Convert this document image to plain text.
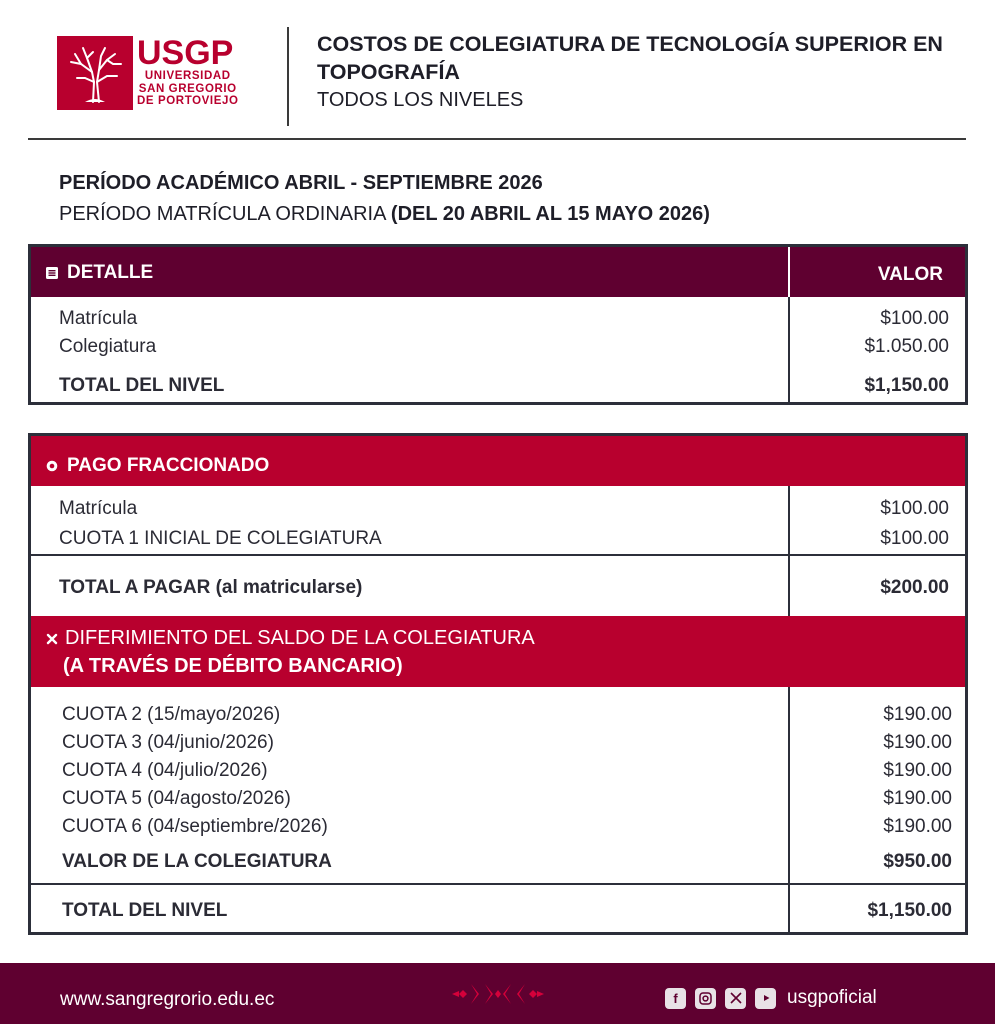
USGP
UNIVERSIDAD
SAN GREGORIO
DE PORTOVIEJO
COSTOS DE COLEGIATURA DE TECNOLOGÍA SUPERIOR EN TOPOGRAFÍA
TODOS LOS NIVELES
PERÍODO ACADÉMICO ABRIL - SEPTIEMBRE 2026
PERÍODO MATRÍCULA ORDINARIA (DEL 20 ABRIL AL 15 MAYO 2026)
DETALLE	VALOR
Matrícula	$100.00
Colegiatura	$1.050.00
TOTAL DEL NIVEL	$1,150.00
PAGO FRACCIONADO
Matrícula	$100.00
CUOTA 1 INICIAL DE COLEGIATURA	$100.00
TOTAL A PAGAR (al matricularse)	$200.00
DIFERIMIENTO DEL SALDO DE LA COLEGIATURA
(A TRAVÉS DE DÉBITO BANCARIO)
CUOTA 2 (15/mayo/2026)	$190.00
CUOTA 3 (04/junio/2026)	$190.00
CUOTA 4 (04/julio/2026)	$190.00
CUOTA 5 (04/agosto/2026)	$190.00
CUOTA 6 (04/septiembre/2026)	$190.00
VALOR DE LA COLEGIATURA	$950.00
TOTAL DEL NIVEL	$1,150.00
www.sangregrorio.edu.ec	f	usgpoficial
